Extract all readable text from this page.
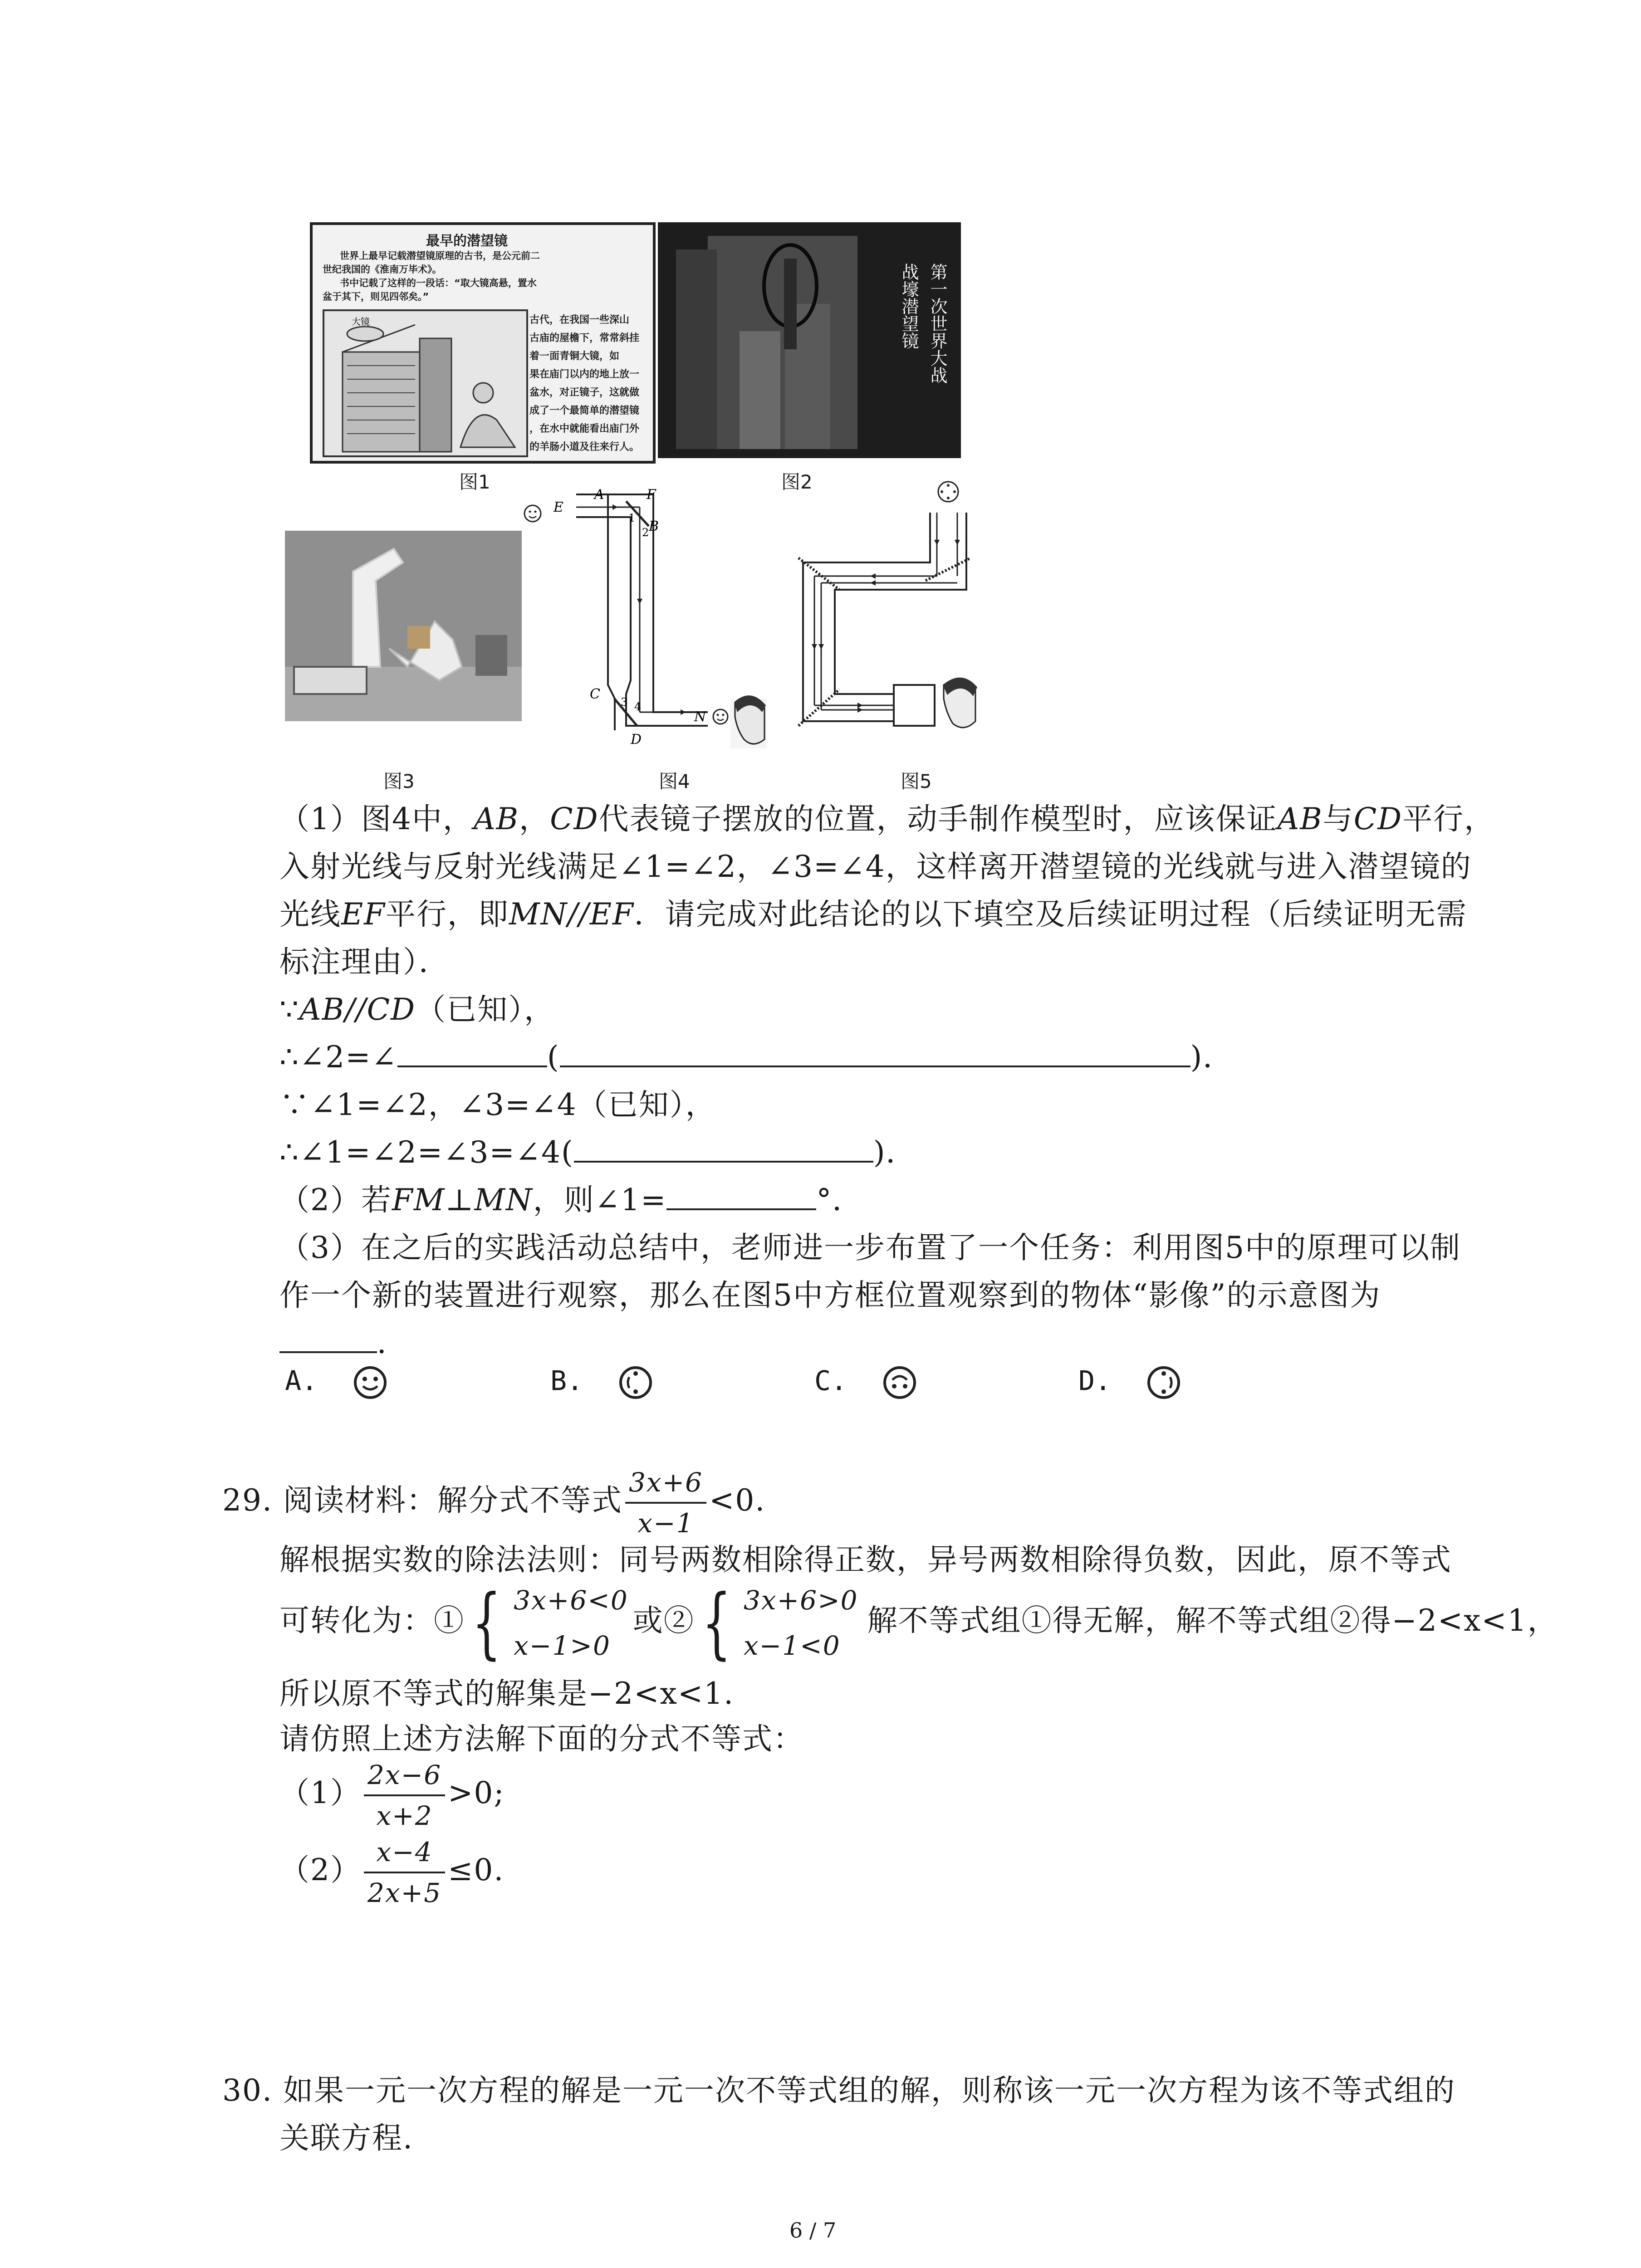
最早的潜望镜
世界上最早记载潜望镜原理的古书，是公元前二
世纪我国的《淮南万毕术》。
书中记载了这样的一段话：“取大镜高悬，置水
盆于其下，则见四邻矣。”
大镜	古代，在我国一些深山
古庙的屋檐下，常常斜挂
着一面青铜大镜，如
果在庙门以内的地上放一
盆水，对正镜子，这就做
成了一个最简单的潜望镜
，在水中就能看出庙门外
的羊肠小道及往来行人。
图1
第一次世界大战
战壕潜望镜
图2
图3
E
A	F
B
1
2
C 3 4
D
N
图4	图5
（1）图4中，AB，CD代表镜子摆放的位置，动手制作模型时，应该保证AB与CD平行，
入射光线与反射光线满足∠1=∠2，∠3=∠4，这样离开潜望镜的光线就与进入潜望镜的
光线EF平行，即MN//EF．请完成对此结论的以下填空及后续证明过程（后续证明无需
标注理由）．
∵AB//CD（已知），
∴∠2=∠	(	)．
∵∠1=∠2，∠3=∠4（已知），
∴∠1=∠2=∠3=∠4(	)．
（2）若FM⊥MN，则∠1=	°．
（3）在之后的实践活动总结中，老师进一步布置了一个任务：利用图5中的原理可以制
作一个新的装置进行观察，那么在图5中方框位置观察到的物体“影像”的示意图为
．
A.	B.	C.	D.
29. 阅读材料：解分式不等式 $\frac{3x+6}{x-1} <0$.
解根据实数的除法法则：同号两数相除得正数，异号两数相除得负数，因此，原不等式
可转化为：①{ 3x+6<0
x−1>0
或②{ 3x+6>0
x−1<0
解不等式组①得无解，解不等式组②得−2<x<1，
所以原不等式的解集是−2<x<1.
请仿照上述方法解下面的分式不等式：
$(1) \frac{2x-6}{x+2} >0$;
$(2) \frac{x-4}{2x+5} \le 0$.
30. 如果一元一次方程的解是一元一次不等式组的解，则称该一元一次方程为该不等式组的
关联方程.
6 / 7
